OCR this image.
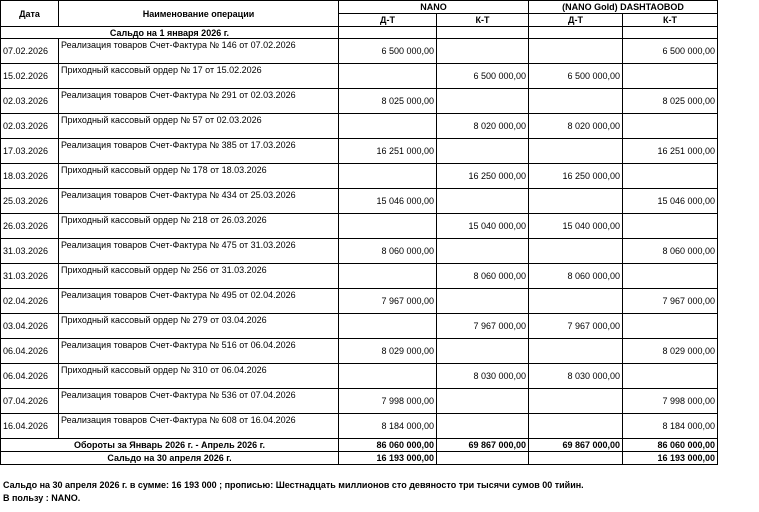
Дата	Наименование операции	NANO		(NANO Gold) DASHTAOBOD	
		Д-Т	К-Т	Д-Т	К-Т
Сальдо на 1 января 2026 г.					
07.02.2026	Реализация товаров Счет-Фактура № 146 от 07.02.2026	6 500 000,00			6 500 000,00
15.02.2026	Приходный кассовый ордер № 17 от 15.02.2026		6 500 000,00	6 500 000,00	
02.03.2026	Реализация товаров Счет-Фактура № 291 от 02.03.2026	8 025 000,00			8 025 000,00
02.03.2026	Приходный кассовый ордер № 57 от 02.03.2026		8 020 000,00	8 020 000,00	
17.03.2026	Реализация товаров Счет-Фактура № 385 от 17.03.2026	16 251 000,00			16 251 000,00
18.03.2026	Приходный кассовый ордер № 178 от 18.03.2026		16 250 000,00	16 250 000,00	
25.03.2026	Реализация товаров Счет-Фактура № 434 от 25.03.2026	15 046 000,00			15 046 000,00
26.03.2026	Приходный кассовый ордер № 218 от 26.03.2026		15 040 000,00	15 040 000,00	
31.03.2026	Реализация товаров Счет-Фактура № 475 от 31.03.2026	8 060 000,00			8 060 000,00
31.03.2026	Приходный кассовый ордер № 256 от 31.03.2026		8 060 000,00	8 060 000,00	
02.04.2026	Реализация товаров Счет-Фактура № 495 от 02.04.2026	7 967 000,00			7 967 000,00
03.04.2026	Приходный кассовый ордер № 279 от 03.04.2026		7 967 000,00	7 967 000,00	
06.04.2026	Реализация товаров Счет-Фактура № 516 от 06.04.2026	8 029 000,00			8 029 000,00
06.04.2026	Приходный кассовый ордер № 310 от 06.04.2026		8 030 000,00	8 030 000,00	
07.04.2026	Реализация товаров Счет-Фактура № 536 от 07.04.2026	7 998 000,00			7 998 000,00
16.04.2026	Реализация товаров Счет-Фактура № 608 от 16.04.2026	8 184 000,00			8 184 000,00
Обороты за Январь 2026 г. - Апрель 2026 г.		86 060 000,00	69 867 000,00	69 867 000,00	86 060 000,00
Сальдо на 30 апреля 2026 г.		16 193 000,00			16 193 000,00
Сальдо на 30 апреля 2026 г. в сумме: 16 193 000 ; прописью: Шестнадцать миллионов сто девяносто три тысячи сумов 00 тийин.
В пользу : NANO.
